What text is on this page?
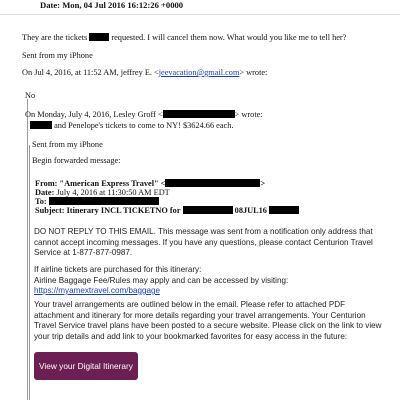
Date: Mon, 04 Jul 2016 16:12:26 +0000
They are the tickets	requested. I will cancel them now. What would you like me to tell her?
Sent from my iPhone
On Jul 4, 2016, at 11:52 AM, jeffrey E. <jeevacation@gmail.com> wrote:
No
On Monday, July 4, 2016, Lesley Groff <	> wrote:
and Penelope's tickets to come to NY! $3624.66 each.
Sent from my iPhone
Begin forwarded message:
From: "American Express Travel" <	>
Date: July 4, 2016 at 11:30:50 AM EDT
To:
Subject: Itinerary INCL TICKETNO for	08JUL16
DO NOT REPLY TO THIS EMAIL. This message was sent from a notification only address that
cannot accept incoming messages. If you have any questions, please contact Centurion Travel
Service at 1-877-877-0987.
If airline tickets are purchased for this itinerary:
Airline Baggage Fee/Rules may apply and can be accessed by visiting:
https://myamextravel.com/baggage
Your travel arrangements are outlined below in the email. Please refer to attached PDF
attachment and itinerary for more details regarding your travel arrangements. Your Centurion
Travel Service travel plans have been posted to a secure website. Please click on the link to view
your trip details and add link to your bookmarked favorites for easy access in the future:
View your Digital Itinerary
